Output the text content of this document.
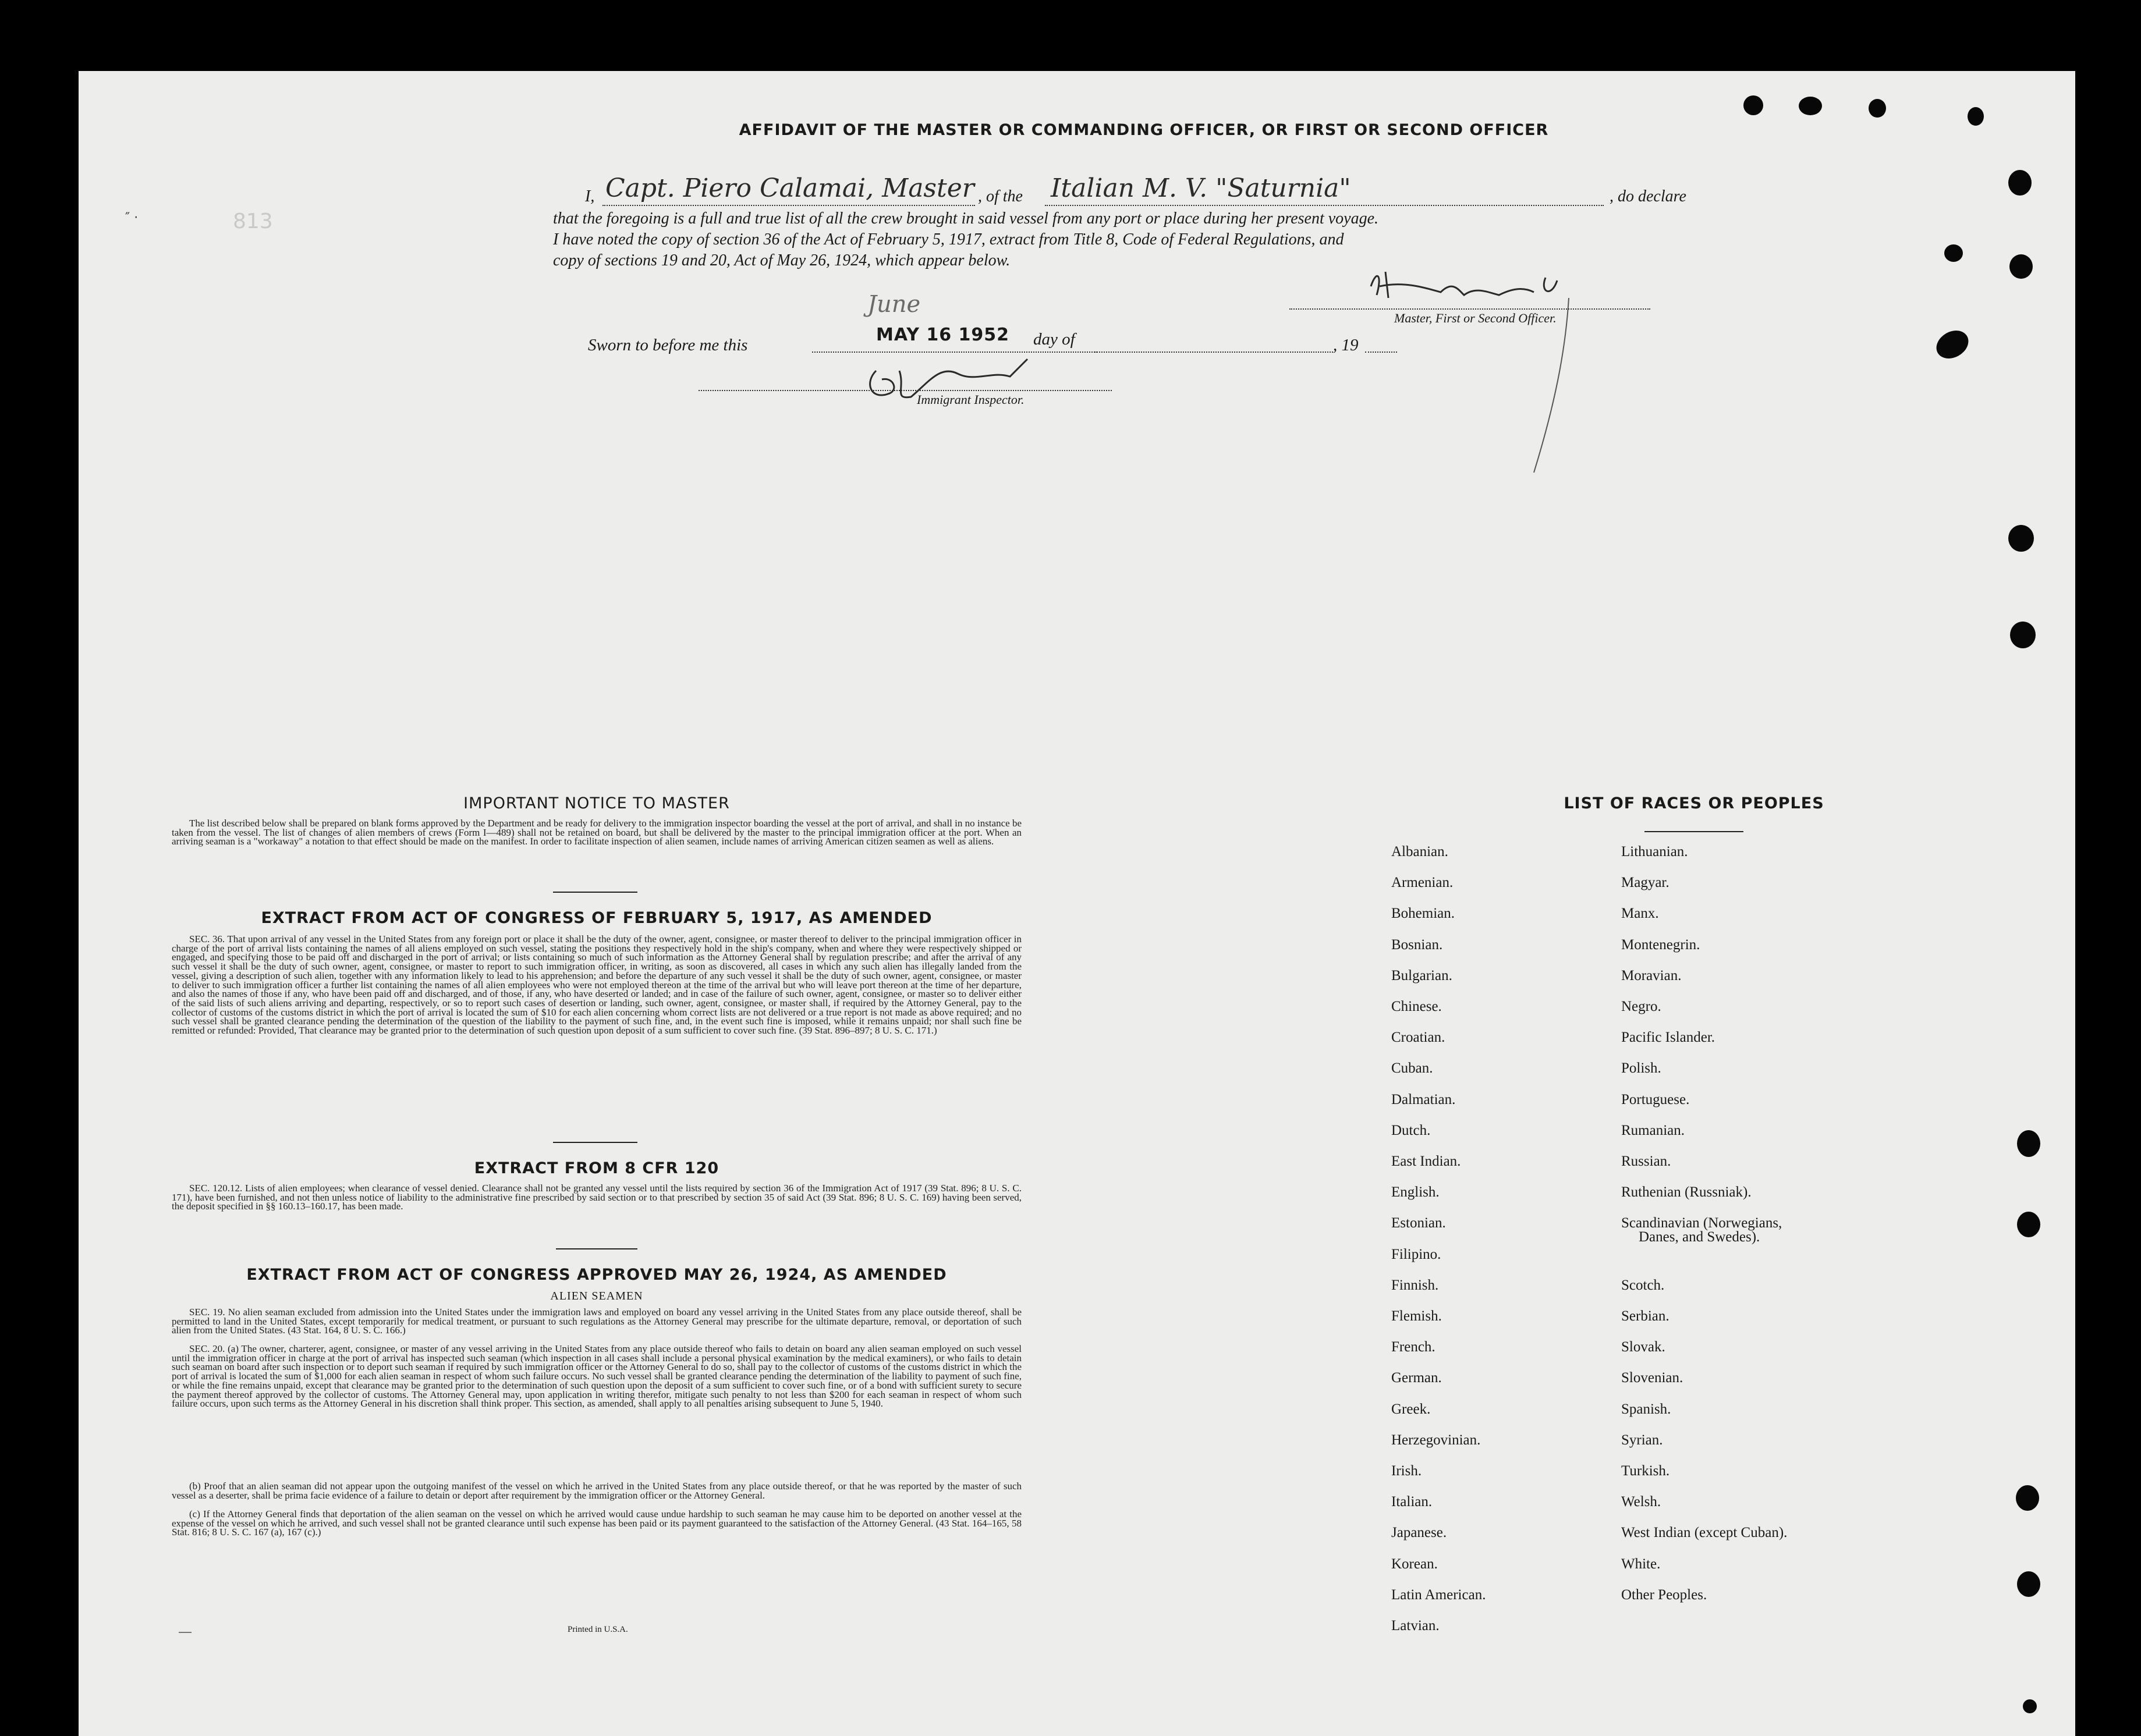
AFFIDAVIT OF THE MASTER OR COMMANDING OFFICER, OR FIRST OR SECOND OFFICER
I, Capt. Piero Calamai, Master , of the Italian M. V. "Saturnia"	, do declare
that the foregoing is a full and true list of all the crew brought in said vessel from any port or place during her present voyage.
I have noted the copy of section 36 of the Act of February 5, 1917, extract from Title 8, Code of Federal Regulations, and
copy of sections 19 and 20, Act of May 26, 1924, which appear below.
Master, First or Second Officer.
Sworn to before me this
June
MAY 16 1952 day of	, 19
Immigrant Inspector.
813
″ ·
IMPORTANT NOTICE TO MASTER
The list described below shall be prepared on blank forms approved by the Department and be ready for delivery to the immigration inspector boarding the vessel at the port of arrival, and shall in no instance be taken from the vessel. The list of changes of alien members of crews (Form I—489) shall not be retained on board, but shall be delivered by the master to the principal immigration officer at the port. When an arriving seaman is a "workaway" a notation to that effect should be made on the manifest. In order to facilitate inspection of alien seamen, include names of arriving American citizen seamen as well as aliens.
EXTRACT FROM ACT OF CONGRESS OF FEBRUARY 5, 1917, AS AMENDED
SEC. 36. That upon arrival of any vessel in the United States from any foreign port or place it shall be the duty of the owner, agent, consignee, or master thereof to deliver to the principal immigration officer in charge of the port of arrival lists containing the names of all aliens employed on such vessel, stating the positions they respectively hold in the ship's company, when and where they were respectively shipped or engaged, and specifying those to be paid off and discharged in the port of arrival; or lists containing so much of such information as the Attorney General shall by regulation prescribe; and after the arrival of any such vessel it shall be the duty of such owner, agent, consignee, or master to report to such immigration officer, in writing, as soon as discovered, all cases in which any such alien has illegally landed from the vessel, giving a description of such alien, together with any information likely to lead to his apprehension; and before the departure of any such vessel it shall be the duty of such owner, agent, consignee, or master to deliver to such immigration officer a further list containing the names of all alien employees who were not employed thereon at the time of the arrival but who will leave port thereon at the time of her departure, and also the names of those if any, who have been paid off and discharged, and of those, if any, who have deserted or landed; and in case of the failure of such owner, agent, consignee, or master so to deliver either of the said lists of such aliens arriving and departing, respectively, or so to report such cases of desertion or landing, such owner, agent, consignee, or master shall, if required by the Attorney General, pay to the collector of customs of the customs district in which the port of arrival is located the sum of $10 for each alien concerning whom correct lists are not delivered or a true report is not made as above required; and no such vessel shall be granted clearance pending the determination of the question of the liability to the payment of such fine, and, in the event such fine is imposed, while it remains unpaid; nor shall such fine be remitted or refunded: Provided, That clearance may be granted prior to the determination of such question upon deposit of a sum sufficient to cover such fine. (39 Stat. 896–897; 8 U. S. C. 171.)
EXTRACT FROM 8 CFR 120
SEC. 120.12. Lists of alien employees; when clearance of vessel denied. Clearance shall not be granted any vessel until the lists required by section 36 of the Immigration Act of 1917 (39 Stat. 896; 8 U. S. C. 171), have been furnished, and not then unless notice of liability to the administrative fine prescribed by said section or to that prescribed by section 35 of said Act (39 Stat. 896; 8 U. S. C. 169) having been served, the deposit specified in §§ 160.13–160.17, has been made.
EXTRACT FROM ACT OF CONGRESS APPROVED MAY 26, 1924, AS AMENDED
ALIEN SEAMEN
SEC. 19. No alien seaman excluded from admission into the United States under the immigration laws and employed on board any vessel arriving in the United States from any place outside thereof, shall be permitted to land in the United States, except temporarily for medical treatment, or pursuant to such regulations as the Attorney General may prescribe for the ultimate departure, removal, or deportation of such alien from the United States. (43 Stat. 164, 8 U. S. C. 166.)
SEC. 20. (a) The owner, charterer, agent, consignee, or master of any vessel arriving in the United States from any place outside thereof who fails to detain on board any alien seaman employed on such vessel until the immigration officer in charge at the port of arrival has inspected such seaman (which inspection in all cases shall include a personal physical examination by the medical examiners), or who fails to detain such seaman on board after such inspection or to deport such seaman if required by such immigration officer or the Attorney General to do so, shall pay to the collector of customs of the customs district in which the port of arrival is located the sum of $1,000 for each alien seaman in respect of whom such failure occurs. No such vessel shall be granted clearance pending the determination of the liability to payment of such fine, or while the fine remains unpaid, except that clearance may be granted prior to the determination of such question upon the deposit of a sum sufficient to cover such fine, or of a bond with sufficient surety to secure the payment thereof approved by the collector of customs. The Attorney General may, upon application in writing therefor, mitigate such penalty to not less than $200 for each seaman in respect of whom such failure occurs, upon such terms as the Attorney General in his discretion shall think proper. This section, as amended, shall apply to all penalties arising subsequent to June 5, 1940.
(b) Proof that an alien seaman did not appear upon the outgoing manifest of the vessel on which he arrived in the United States from any place outside thereof, or that he was reported by the master of such vessel as a deserter, shall be prima facie evidence of a failure to detain or deport after requirement by the immigration officer or the Attorney General.
(c) If the Attorney General finds that deportation of the alien seaman on the vessel on which he arrived would cause undue hardship to such seaman he may cause him to be deported on another vessel at the expense of the vessel on which he arrived, and such vessel shall not be granted clearance until such expense has been paid or its payment guaranteed to the satisfaction of the Attorney General. (43 Stat. 164–165, 58 Stat. 816; 8 U. S. C. 167 (a), 167 (c).)
Printed in U.S.A.
LIST OF RACES OR PEOPLES
Albanian.
Armenian.
Bohemian.
Bosnian.
Bulgarian.
Chinese.
Croatian.
Cuban.
Dalmatian.
Dutch.
East Indian.
English.
Estonian.
Filipino.
Finnish.
Flemish.
French.
German.
Greek.
Herzegovinian.
Irish.
Italian.
Japanese.
Korean.
Latin American.
Latvian.
Lithuanian.
Magyar.
Manx.
Montenegrin.
Moravian.
Negro.
Pacific Islander.
Polish.
Portuguese.
Rumanian.
Russian.
Ruthenian (Russniak).
Scandinavian (Norwegians,
Danes, and Swedes).
Scotch.
Serbian.
Slovak.
Slovenian.
Spanish.
Syrian.
Turkish.
Welsh.
West Indian (except Cuban).
White.
Other Peoples.
